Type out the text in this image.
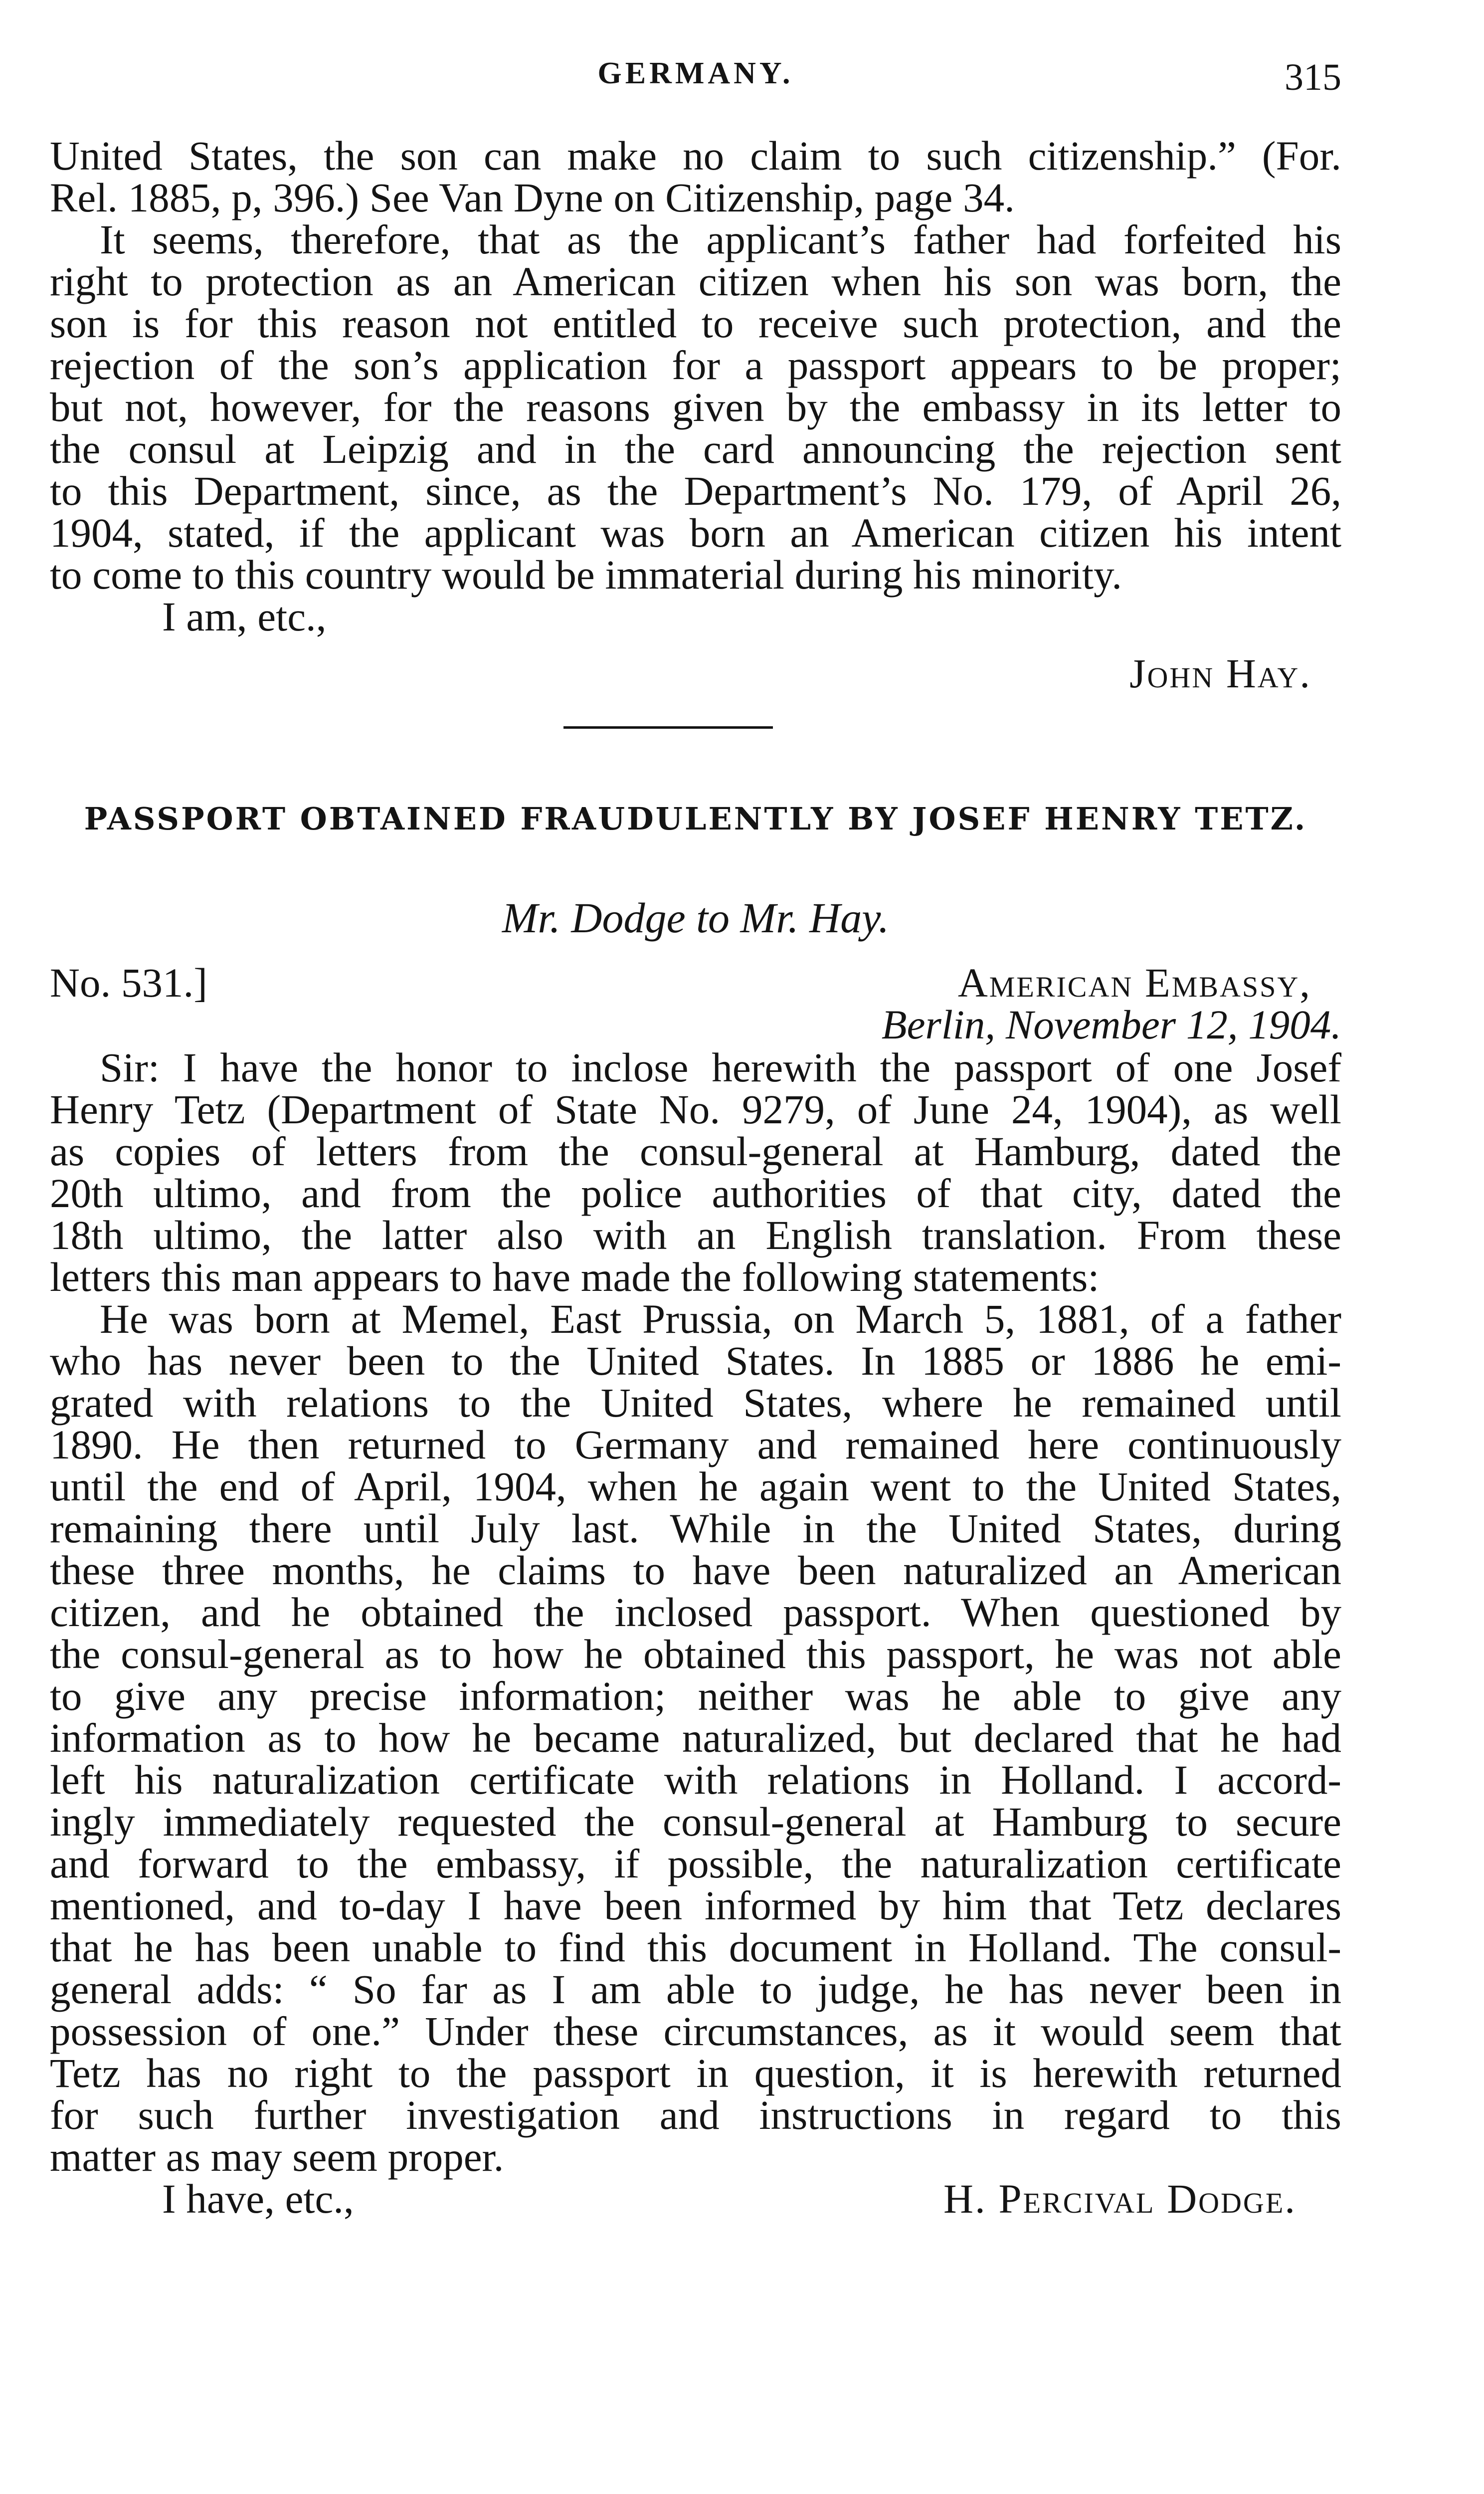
GERMANY.	315
United States, the son can make no claim to such citizenship.” (For.
Rel. 1885, p, 396.) See Van Dyne on Citizenship, page 34.
It seems, therefore, that as the applicant’s father had forfeited his
right to protection as an American citizen when his son was born, the
son is for this reason not entitled to receive such protection, and the
rejection of the son’s application for a passport appears to be proper;
but not, however, for the reasons given by the embassy in its letter to
the consul at Leipzig and in the card announcing the rejection sent
to this Department, since, as the Department’s No. 179, of April 26,
1904, stated, if the applicant was born an American citizen his intent
to come to this country would be immaterial during his minority.
I am, etc.,
John Hay.
PASSPORT OBTAINED FRAUDULENTLY BY JOSEF HENRY TETZ.
Mr. Dodge to Mr. Hay.
No. 531.]	American Embassy,
Berlin, November 12, 1904.
Sir: I have the honor to inclose herewith the passport of one Josef
Henry Tetz (Department of State No. 9279, of June 24, 1904), as well
as copies of letters from the consul-general at Hamburg, dated the
20th ultimo, and from the police authorities of that city, dated the
18th ultimo, the latter also with an English translation. From these
letters this man appears to have made the following statements:
He was born at Memel, East Prussia, on March 5, 1881, of a father
who has never been to the United States. In 1885 or 1886 he emi-
grated with relations to the United States, where he remained until
1890. He then returned to Germany and remained here continuously
until the end of April, 1904, when he again went to the United States,
remaining there until July last. While in the United States, during
these three months, he claims to have been naturalized an American
citizen, and he obtained the inclosed passport. When questioned by
the consul-general as to how he obtained this passport, he was not able
to give any precise information; neither was he able to give any
information as to how he became naturalized, but declared that he had
left his naturalization certificate with relations in Holland. I accord-
ingly immediately requested the consul-general at Hamburg to secure
and forward to the embassy, if possible, the naturalization certificate
mentioned, and to-day I have been informed by him that Tetz declares
that he has been unable to find this document in Holland. The consul-
general adds: “ So far as I am able to judge, he has never been in
possession of one.” Under these circumstances, as it would seem that
Tetz has no right to the passport in question, it is herewith returned
for such further investigation and instructions in regard to this
matter as may seem proper.
I have, etc.,	H. Percival Dodge.
